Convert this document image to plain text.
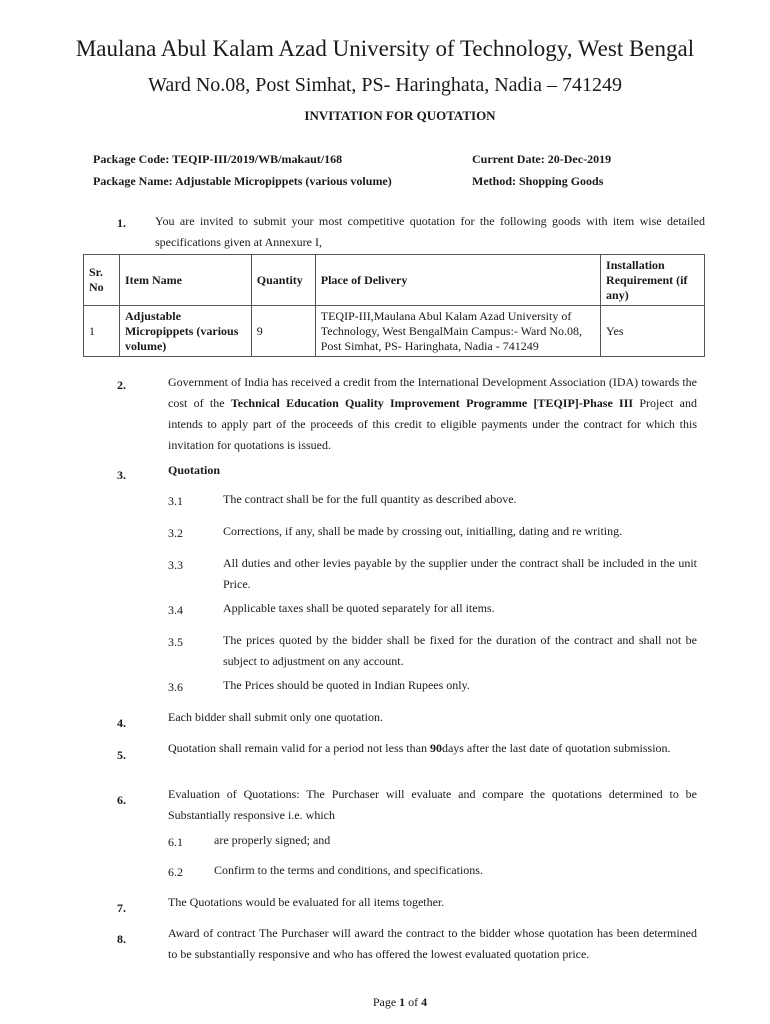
Maulana Abul Kalam Azad University of Technology, West Bengal
Ward No.08, Post Simhat, PS- Haringhata, Nadia – 741249
INVITATION FOR QUOTATION
Package Code: TEQIP-III/2019/WB/makaut/168	Current Date: 20-Dec-2019
Package Name: Adjustable Micropippets (various volume)	Method: Shopping Goods
1. You are invited to submit your most competitive quotation for the following goods with item wise detailed specifications given at Annexure I,
Sr. No	Item Name	Quantity	Place of Delivery	Installation Requirement (if any)
1	Adjustable Micropippets (various volume)	9	TEQIP-III,Maulana Abul Kalam Azad University of Technology, West BengalMain Campus:- Ward No.08, Post Simhat, PS- Haringhata, Nadia - 741249	Yes
2.	Government of India has received a credit from the International Development Association (IDA) towards the cost of the Technical Education Quality Improvement Programme [TEQIP]-Phase III Project and intends to apply part of the proceeds of this credit to eligible payments under the contract for which this invitation for quotations is issued.
3.	Quotation
3.1	The contract shall be for the full quantity as described above.
3.2	Corrections, if any, shall be made by crossing out, initialling, dating and re writing.
3.3	All duties and other levies payable by the supplier under the contract shall be included in the unit Price.
3.4	Applicable taxes shall be quoted separately for all items.
3.5	The prices quoted by the bidder shall be fixed for the duration of the contract and shall not be subject to adjustment on any account.
3.6	The Prices should be quoted in Indian Rupees only.
4.	Each bidder shall submit only one quotation.
5.	Quotation shall remain valid for a period not less than 90days after the last date of quotation submission.
6.	Evaluation of Quotations: The Purchaser will evaluate and compare the quotations determined to be Substantially responsive i.e. which
6.1	are properly signed; and
6.2	Confirm to the terms and conditions, and specifications.
7.	The Quotations would be evaluated for all items together.
8.	Award of contract The Purchaser will award the contract to the bidder whose quotation has been determined to be substantially responsive and who has offered the lowest evaluated quotation price.
Page 1 of 4
